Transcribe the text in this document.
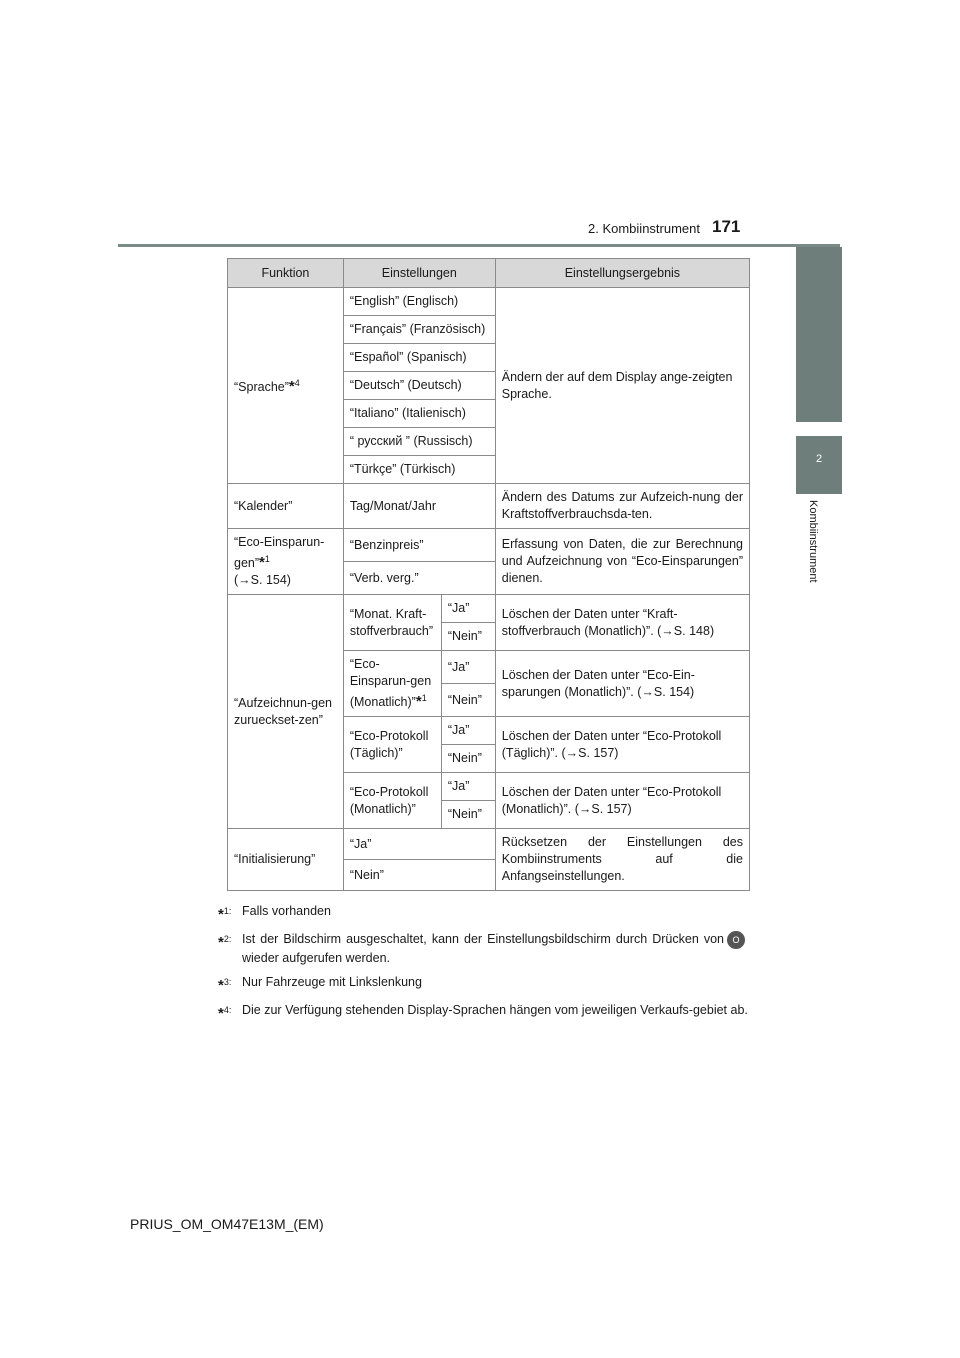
2. Kombiinstrument 171
2
Kombiinstrument
Funktion	Einstellungen		Einstellungsergebnis
“Sprache”*$^4$	“English” (Englisch)		Ändern der auf dem Display ange-zeigten Sprache.
	“Français” (Französisch)		
	“Español” (Spanisch)		
	“Deutsch” (Deutsch)		
	“Italiano” (Italienisch)		
	“ русский ” (Russisch)		
	“Türkçe” (Türkisch)		
“Kalender”	Tag/Monat/Jahr		Ändern des Datums zur Aufzeich-nung der Kraftstoffverbrauchsda-ten.
“Eco-Einsparun-gen”*$^1$
(→S. 154)	“Benzinpreis”		Erfassung von Daten, die zur Berechnung und Aufzeichnung von “Eco-Einsparungen” dienen.
	“Verb. verg.”		
“Aufzeichnun-gen zurueckset-zen”	“Monat. Kraft-stoffverbrauch”	“Ja”	Löschen der Daten unter “Kraft-stoffverbrauch (Monatlich)”. (→S. 148)
		“Nein”	
	“Eco-Einsparun-gen (Monatlich)”*$^1$	“Ja”	Löschen der Daten unter “Eco-Ein-sparungen (Monatlich)”. (→S. 154)
		“Nein”	
	“Eco-Protokoll (Täglich)”	“Ja”	Löschen der Daten unter “Eco-Protokoll (Täglich)”. (→S. 157)
		“Nein”	
	“Eco-Protokoll (Monatlich)”	“Ja”	Löschen der Daten unter “Eco-Protokoll (Monatlich)”. (→S. 157)
		“Nein”	
“Initialisierung”	“Ja”		Rücksetzen der Einstellungen des Kombiinstruments auf die Anfangseinstellungen.
	“Nein”		
*$^{1:}$ Falls vorhanden
*$^{2:}$ Ist der Bildschirm ausgeschaltet, kann der Einstellungsbildschirm durch Drücken von Owieder aufgerufen werden.
*$^{3:}$ Nur Fahrzeuge mit Linkslenkung
*$^{4:}$ Die zur Verfügung stehenden Display-Sprachen hängen vom jeweiligen Verkaufs-gebiet ab.
PRIUS_OM_OM47E13M_(EM)
